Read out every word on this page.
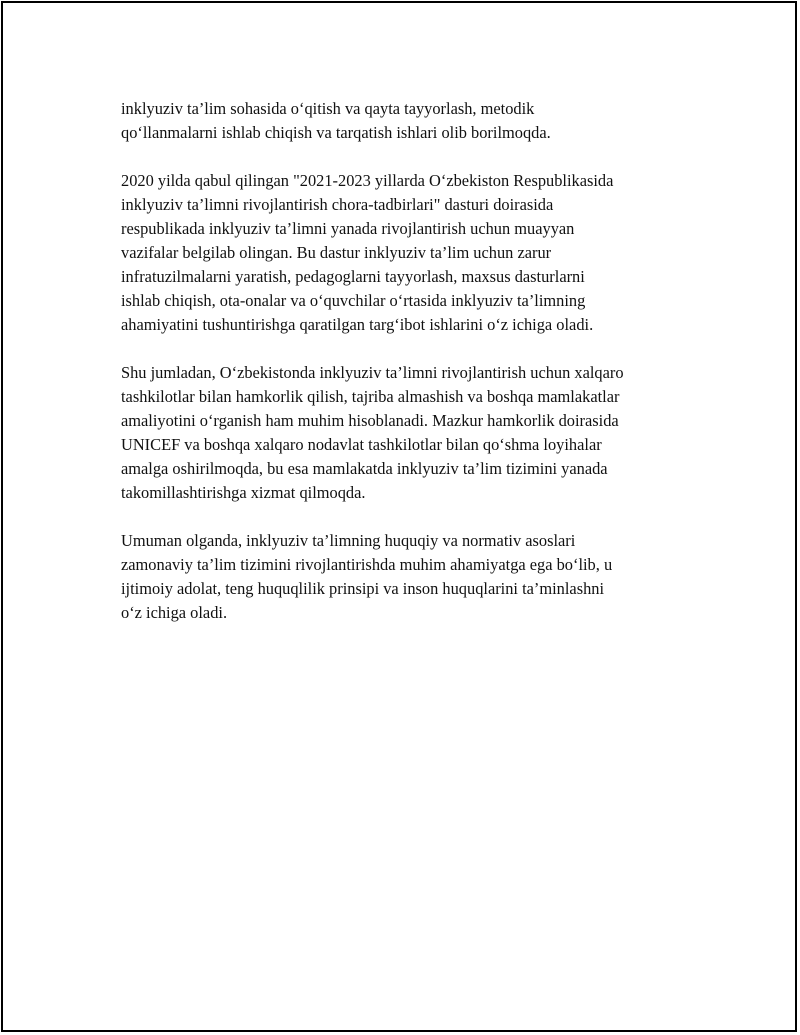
inklyuziv ta’lim sohasida o‘qitish va qayta tayyorlash, metodik
qo‘llanmalarni ishlab chiqish va tarqatish ishlari olib borilmoqda.

2020 yilda qabul qilingan "2021-2023 yillarda O‘zbekiston Respublikasida
inklyuziv ta’limni rivojlantirish chora-tadbirlari" dasturi doirasida
respublikada inklyuziv ta’limni yanada rivojlantirish uchun muayyan
vazifalar belgilab olingan. Bu dastur inklyuziv ta’lim uchun zarur
infratuzilmalarni yaratish, pedagoglarni tayyorlash, maxsus dasturlarni
ishlab chiqish, ota-onalar va o‘quvchilar o‘rtasida inklyuziv ta’limning
ahamiyatini tushuntirishga qaratilgan targ‘ibot ishlarini o‘z ichiga oladi.

Shu jumladan, O‘zbekistonda inklyuziv ta’limni rivojlantirish uchun xalqaro
tashkilotlar bilan hamkorlik qilish, tajriba almashish va boshqa mamlakatlar
amaliyotini o‘rganish ham muhim hisoblanadi. Mazkur hamkorlik doirasida
UNICEF va boshqa xalqaro nodavlat tashkilotlar bilan qo‘shma loyihalar
amalga oshirilmoqda, bu esa mamlakatda inklyuziv ta’lim tizimini yanada
takomillashtirishga xizmat qilmoqda.

Umuman olganda, inklyuziv ta’limning huquqiy va normativ asoslari
zamonaviy ta’lim tizimini rivojlantirishda muhim ahamiyatga ega bo‘lib, u
ijtimoiy adolat, teng huquqlilik prinsipi va inson huquqlarini ta’minlashni
o‘z ichiga oladi.
